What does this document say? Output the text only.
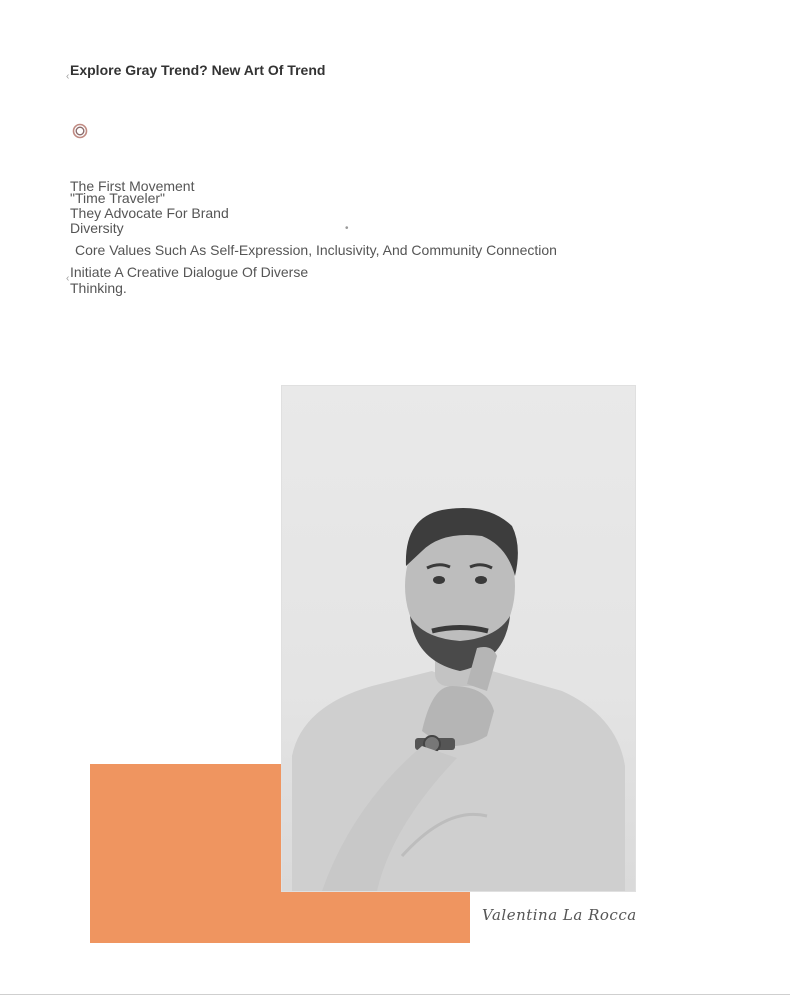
Explore Gray Trend? New Art Of Trend
‹
‹
•
The First Movement
"Time Traveler"
They Advocate For Brand
Diversity
Core Values Such As Self-Expression, Inclusivity, And Community Connection
Initiate A Creative Dialogue Of Diverse
Thinking.
Valentina La Rocca
